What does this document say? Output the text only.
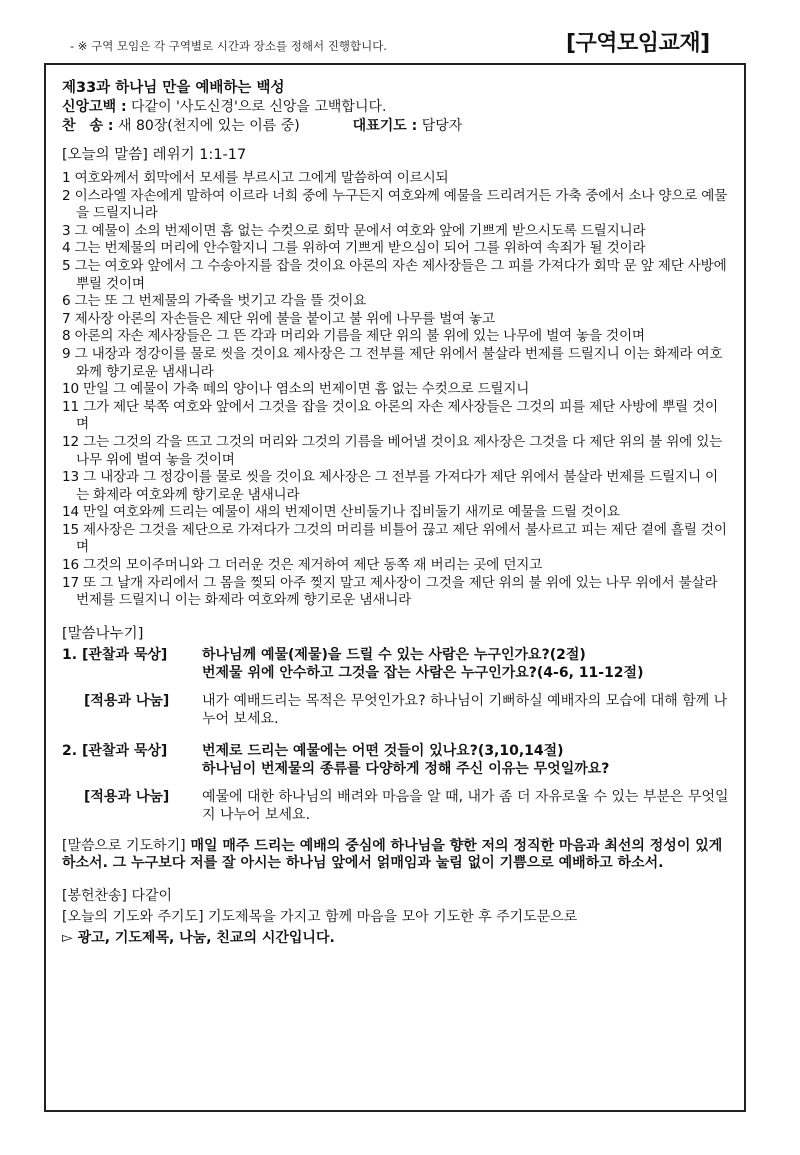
- ※ 구역 모임은 각 구역별로 시간과 장소를 정해서 진행합니다.	[구역모임교재]
제33과 하나님 만을 예배하는 백성
신앙고백 : 다같이 '사도신경'으로 신앙을 고백합니다.
찬　송 : 새 80장(천지에 있는 이름 중)	대표기도 : 담당자
[오늘의 말씀] 레위기 1:1-17
1 여호와께서 회막에서 모세를 부르시고 그에게 말씀하여 이르시되
2 이스라엘 자손에게 말하여 이르라 너희 중에 누구든지 여호와께 예물을 드리려거든 가축 중에서 소나 양으로 예물을 드릴지니라
3 그 예물이 소의 번제이면 흠 없는 수컷으로 회막 문에서 여호와 앞에 기쁘게 받으시도록 드릴지니라
4 그는 번제물의 머리에 안수할지니 그를 위하여 기쁘게 받으심이 되어 그를 위하여 속죄가 될 것이라
5 그는 여호와 앞에서 그 수송아지를 잡을 것이요 아론의 자손 제사장들은 그 피를 가져다가 회막 문 앞 제단 사방에 뿌릴 것이며
6 그는 또 그 번제물의 가죽을 벗기고 각을 뜰 것이요
7 제사장 아론의 자손들은 제단 위에 불을 붙이고 불 위에 나무를 벌여 놓고
8 아론의 자손 제사장들은 그 뜬 각과 머리와 기름을 제단 위의 불 위에 있는 나무에 벌여 놓을 것이며
9 그 내장과 정강이를 물로 씻을 것이요 제사장은 그 전부를 제단 위에서 불살라 번제를 드릴지니 이는 화제라 여호와께 향기로운 냄새니라
10 만일 그 예물이 가축 떼의 양이나 염소의 번제이면 흠 없는 수컷으로 드릴지니
11 그가 제단 북쪽 여호와 앞에서 그것을 잡을 것이요 아론의 자손 제사장들은 그것의 피를 제단 사방에 뿌릴 것이며
12 그는 그것의 각을 뜨고 그것의 머리와 그것의 기름을 베어낼 것이요 제사장은 그것을 다 제단 위의 불 위에 있는 나무 위에 벌여 놓을 것이며
13 그 내장과 그 정강이를 물로 씻을 것이요 제사장은 그 전부를 가져다가 제단 위에서 불살라 번제를 드릴지니 이는 화제라 여호와께 향기로운 냄새니라
14 만일 여호와께 드리는 예물이 새의 번제이면 산비둘기나 집비둘기 새끼로 예물을 드릴 것이요
15 제사장은 그것을 제단으로 가져다가 그것의 머리를 비틀어 끊고 제단 위에서 불사르고 피는 제단 곁에 흘릴 것이며
16 그것의 모이주머니와 그 더러운 것은 제거하여 제단 동쪽 재 버리는 곳에 던지고
17 또 그 날개 자리에서 그 몸을 찢되 아주 찢지 말고 제사장이 그것을 제단 위의 불 위에 있는 나무 위에서 불살라 번제를 드릴지니 이는 화제라 여호와께 향기로운 냄새니라
[말씀나누기]
1. [관찰과 묵상]	하나님께 예물(제물)을 드릴 수 있는 사람은 누구인가요?(2절)
번제물 위에 안수하고 그것을 잡는 사람은 누구인가요?(4-6, 11-12절)
[적용과 나눔]	내가 예배드리는 목적은 무엇인가요? 하나님이 기뻐하실 예배자의 모습에 대해 함께 나누어 보세요.
2. [관찰과 묵상]	번제로 드리는 예물에는 어떤 것들이 있나요?(3,10,14절)
하나님이 번제물의 종류를 다양하게 정해 주신 이유는 무엇일까요?
[적용과 나눔]	예물에 대한 하나님의 배려와 마음을 알 때, 내가 좀 더 자유로울 수 있는 부분은 무엇일지 나누어 보세요.
[말씀으로 기도하기] 매일 매주 드리는 예배의 중심에 하나님을 향한 저의 정직한 마음과 최선의 정성이 있게 하소서. 그 누구보다 저를 잘 아시는 하나님 앞에서 얽매임과 눌림 없이 기쁨으로 예배하고 하소서.
[봉헌찬송] 다같이
[오늘의 기도와 주기도] 기도제목을 가지고 함께 마음을 모아 기도한 후 주기도문으로
▻ 광고, 기도제목, 나눔, 친교의 시간입니다.
